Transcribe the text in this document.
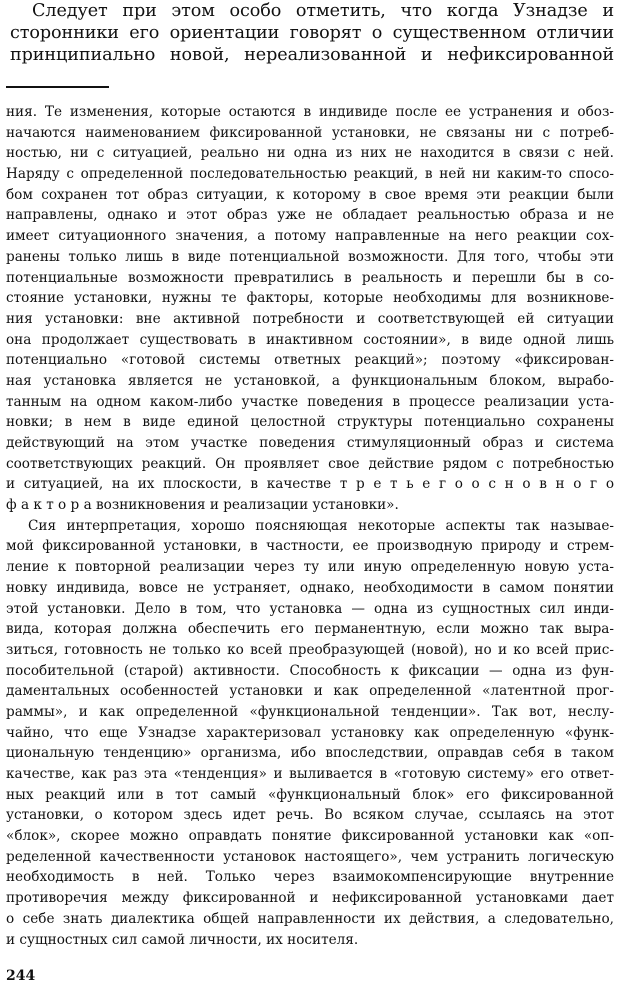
Следует при этом особо отметить, что когда Узнадзе и
сторонники его ориентации говорят о существенном отличии
принципиально новой, нереализованной и нефиксированной
ния. Те изменения, которые остаются в индивиде после ее устранения и обоз-
начаются наименованием фиксированной установки, не связаны ни с потреб-
ностью, ни с ситуацией, реально ни одна из них не находится в связи с ней.
Наряду с определенной последовательностью реакций, в ней ни каким-то спосо-
бом сохранен тот образ ситуации, к которому в свое время эти реакции были
направлены, однако и этот образ уже не обладает реальностью образа и не
имеет ситуационного значения, а потому направленные на него реакции сох-
ранены только лишь в виде потенциальной возможности. Для того, чтобы эти
потенциальные возможности превратились в реальность и перешли бы в со-
стояние установки, нужны те факторы, которые необходимы для возникнове-
ния установки: вне активной потребности и соответствующей ей ситуации
она продолжает существовать в инактивном состоянии», в виде одной лишь
потенциально «готовой системы ответных реакций»; поэтому «фиксирован-
ная установка является не установкой, а функциональным блоком, вырабо-
танным на одном каком-либо участке поведения в процессе реализации уста-
новки; в нем в виде единой целостной структуры потенциально сохранены
действующий на этом участке поведения стимуляционный образ и система
соответствующих реакций. Он проявляет свое действие рядом с потребностью
и ситуацией, на их плоскости, в качестве т р е т ь е г о о с н о в н о г о
ф а к т о р а возникновения и реализации установки».
Сия интерпретация, хорошо поясняющая некоторые аспекты так называе-
мой фиксированной установки, в частности, ее производную природу и стрем-
ление к повторной реализации через ту или иную определенную новую уста-
новку индивида, вовсе не устраняет, однако, необходимости в самом понятии
этой установки. Дело в том, что установка — одна из сущностных сил инди-
вида, которая должна обеспечить его перманентную, если можно так выра-
зиться, готовность не только ко всей преобразующей (новой), но и ко всей прис-
пособительной (старой) активности. Способность к фиксации — одна из фун-
даментальных особенностей установки и как определенной «латентной прог-
раммы», и как определенной «функциональной тенденции». Так вот, неслу-
чайно, что еще Узнадзе характеризовал установку как определенную «функ-
циональную тенденцию» организма, ибо впоследствии, оправдав себя в таком
качестве, как раз эта «тенденция» и выливается в «готовую систему» его ответ-
ных реакций или в тот самый «функциональный блок» его фиксированной
установки, о котором здесь идет речь. Во всяком случае, ссылаясь на этот
«блок», скорее можно оправдать понятие фиксированной установки как «оп-
ределенной качественности установок настоящего», чем устранить логическую
необходимость в ней. Только через взаимокомпенсирующие внутренние
противоречия между фиксированной и нефиксированной установками дает
о себе знать диалектика общей направленности их действия, а следовательно,
и сущностных сил самой личности, их носителя.
244
